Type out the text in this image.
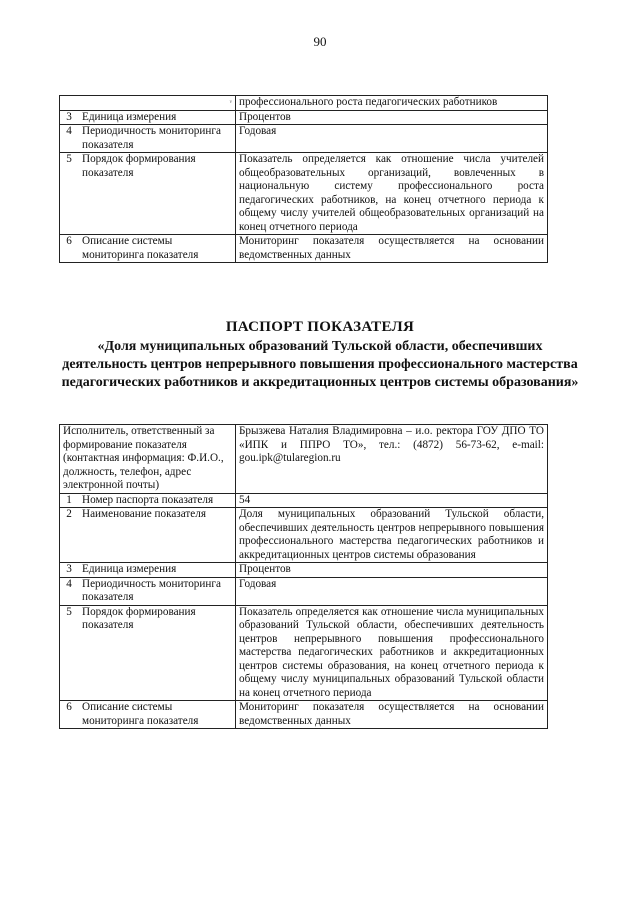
90

	ᵛ	профессионального роста педагогических работников
3	Единица измерения	Процентов
4	Периодичность мониторинга показателя	Годовая
5	Порядок формирования показателя	Показатель определяется как отношение числа учителей общеобразовательных организаций, вовлеченных в национальную систему профессионального роста педагогических работников, на конец отчетного периода к общему числу учителей общеобразовательных организаций на конец отчетного периода
6	Описание системы мониторинга показателя	Мониторинг показателя осуществляется на основании ведомственных данных
ПАСПОРТ ПОКАЗАТЕЛЯ
«Доля муниципальных образований Тульской области, обеспечивших деятельность центров непрерывного повышения профессионального мастерства педагогических работников и аккредитационных центров системы образования»
Исполнитель, ответственный за формирование показателя (контактная информация: Ф.И.О., должность, телефон, адрес электронной почты)		Брызжева Наталия Владимировна – и.о. ректора ГОУ ДПО ТО «ИПК и ППРО ТО», тел.: (4872) 56-73-62, e-mail: gou.ipk@tularegion.ru
1	Номер паспорта показателя	54
2	Наименование показателя	Доля муниципальных образований Тульской области, обеспечивших деятельность центров непрерывного повышения профессионального мастерства педагогических работников и аккредитационных центров системы образования
3	Единица измерения	Процентов
4	Периодичность мониторинга показателя	Годовая
5	Порядок формирования показателя	Показатель определяется как отношение числа муниципальных образований Тульской области, обеспечивших деятельность центров непрерывного повышения профессионального мастерства педагогических работников и аккредитационных центров системы образования, на конец отчетного периода к общему числу муниципальных образований Тульской области на конец отчетного периода
6	Описание системы мониторинга показателя	Мониторинг показателя осуществляется на основании ведомственных данных
